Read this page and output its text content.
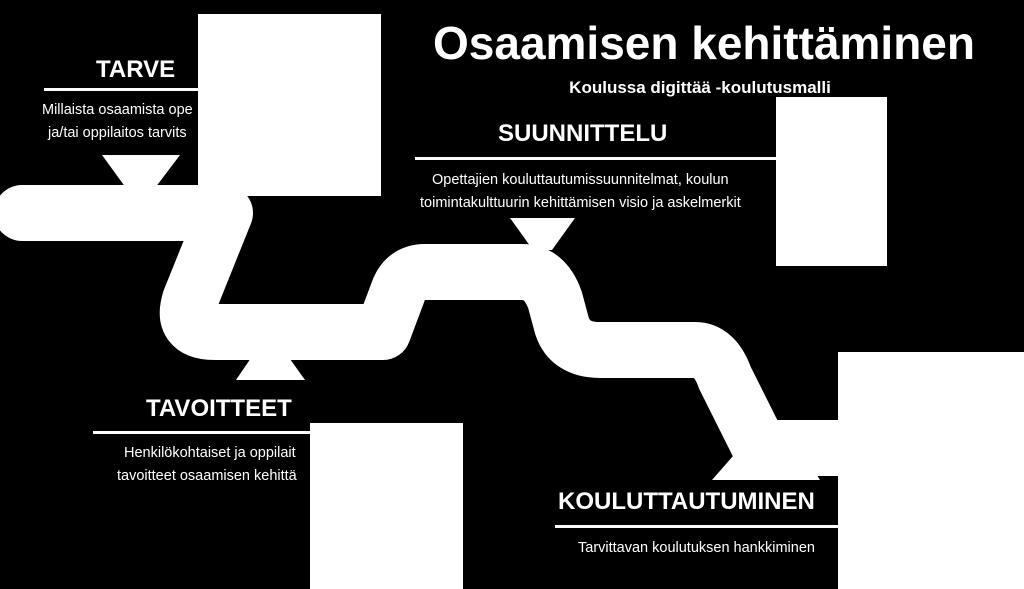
Osaamisen kehittäminen
Koulussa digittää -koulutusmalli
TARVE
Millaista osaamista ope
ja/tai oppilaitos tarvits	SUUNNITTELU
Opettajien kouluttautumissuunnitelmat, koulun
toimintakulttuurin kehittämisen visio ja askelmerkit
TAVOITTEET
Henkilökohtaiset ja oppilait
tavoitteet osaamisen kehittä
KOULUTTAUTUMINEN
Tarvittavan koulutuksen hankkiminen
